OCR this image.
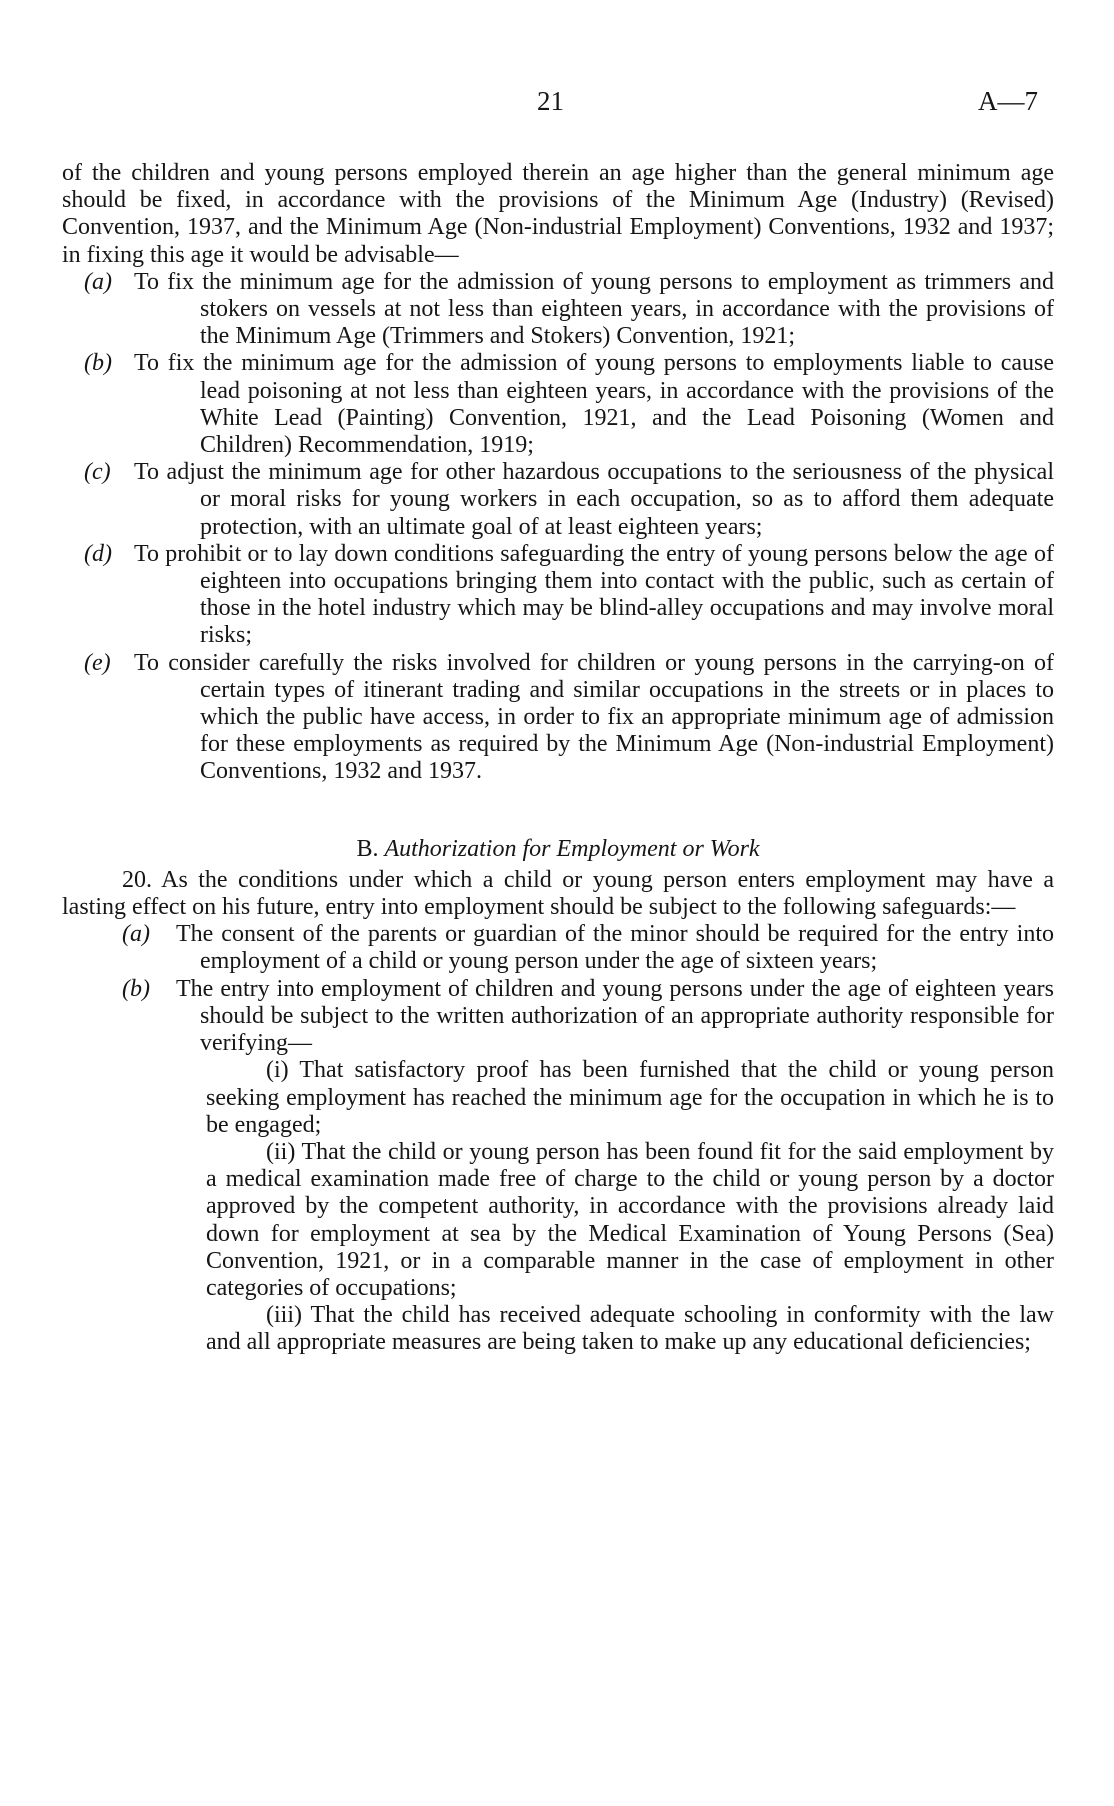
21	A—7

of the children and young persons employed therein an age higher than the general minimum age should be fixed, in accordance with the provisions of the Minimum Age (Industry) (Revised) Convention, 1937, and the Minimum Age (Non-industrial Employment) Conventions, 1932 and 1937; in fixing this age it would be advisable—

(a) To fix the minimum age for the admission of young persons to employment as trimmers and stokers on vessels at not less than eighteen years, in accordance with the provisions of the Minimum Age (Trimmers and Stokers) Convention, 1921;

(b) To fix the minimum age for the admission of young persons to employments liable to cause lead poisoning at not less than eighteen years, in accordance with the provisions of the White Lead (Painting) Convention, 1921, and the Lead Poisoning (Women and Children) Recommendation, 1919;

(c) To adjust the minimum age for other hazardous occupations to the seriousness of the physical or moral risks for young workers in each occupation, so as to afford them adequate protection, with an ultimate goal of at least eighteen years;

(d) To prohibit or to lay down conditions safeguarding the entry of young persons below the age of eighteen into occupations bringing them into contact with the public, such as certain of those in the hotel industry which may be blind-alley occupations and may involve moral risks;

(e) To consider carefully the risks involved for children or young persons in the carrying-on of certain types of itinerant trading and similar occupations in the streets or in places to which the public have access, in order to fix an appropriate minimum age of admission for these employments as required by the Minimum Age (Non-industrial Employment) Conventions, 1932 and 1937.

B. Authorization for Employment or Work

20. As the conditions under which a child or young person enters employment may have a lasting effect on his future, entry into employment should be subject to the following safeguards:—

(a) The consent of the parents or guardian of the minor should be required for the entry into employment of a child or young person under the age of sixteen years;

(b) The entry into employment of children and young persons under the age of eighteen years should be subject to the written authorization of an appropriate authority responsible for verifying—

(i) That satisfactory proof has been furnished that the child or young person seeking employment has reached the minimum age for the occupation in which he is to be engaged;

(ii) That the child or young person has been found fit for the said employment by a medical examination made free of charge to the child or young person by a doctor approved by the competent authority, in accordance with the provisions already laid down for employment at sea by the Medical Examination of Young Persons (Sea) Convention, 1921, or in a comparable manner in the case of employment in other categories of occupations;

(iii) That the child has received adequate schooling in conformity with the law and all appropriate measures are being taken to make up any educational deficiencies;
